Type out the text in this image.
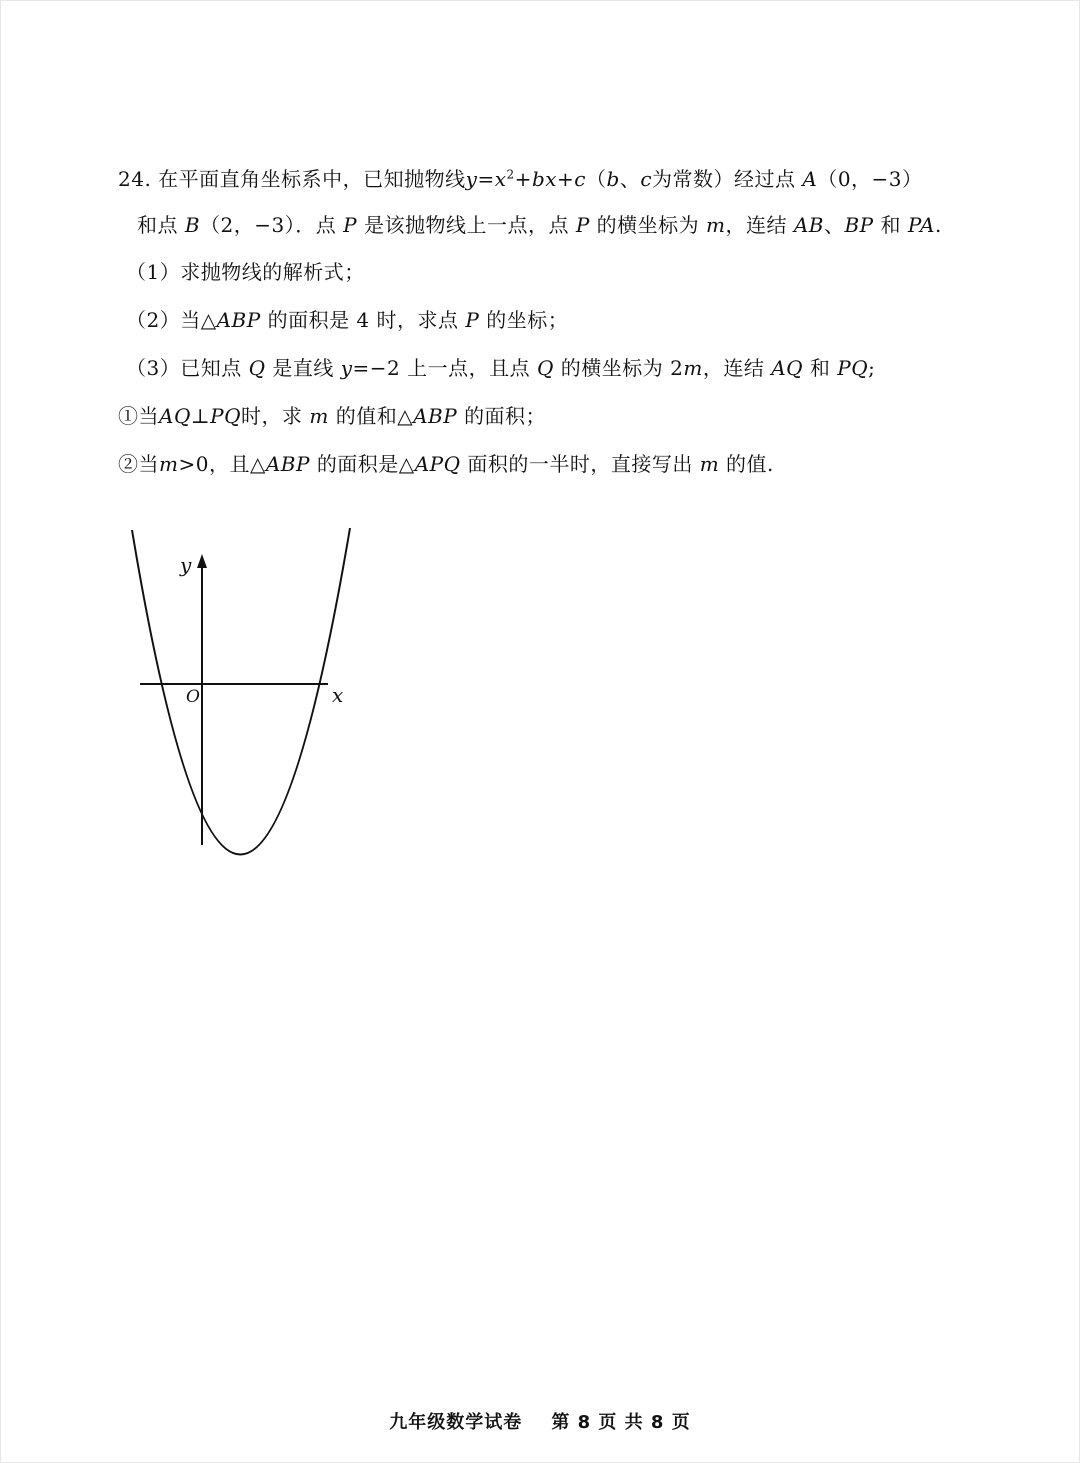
24. 在平面直角坐标系中，已知抛物线$y=x^2+bx+c(b$、c为常数）经过点 A（0，−3）
和点 B（2，−3）．点 P 是该抛物线上一点，点 P 的横坐标为 m，连结 AB、BP 和 PA.
（1）求抛物线的解析式；
（2）当△ABP 的面积是 4 时，求点 P 的坐标；
（3）已知点 Q 是直线 y=−2 上一点，且点 Q 的横坐标为 2m，连结 AQ 和 PQ;
①当AQ⊥PQ时，求 m 的值和△ABP 的面积；
②当m>0，且△ABP 的面积是△APQ 面积的一半时，直接写出 m 的值.
y
x
O
九年级数学试卷 第 8 页 共 8 页
